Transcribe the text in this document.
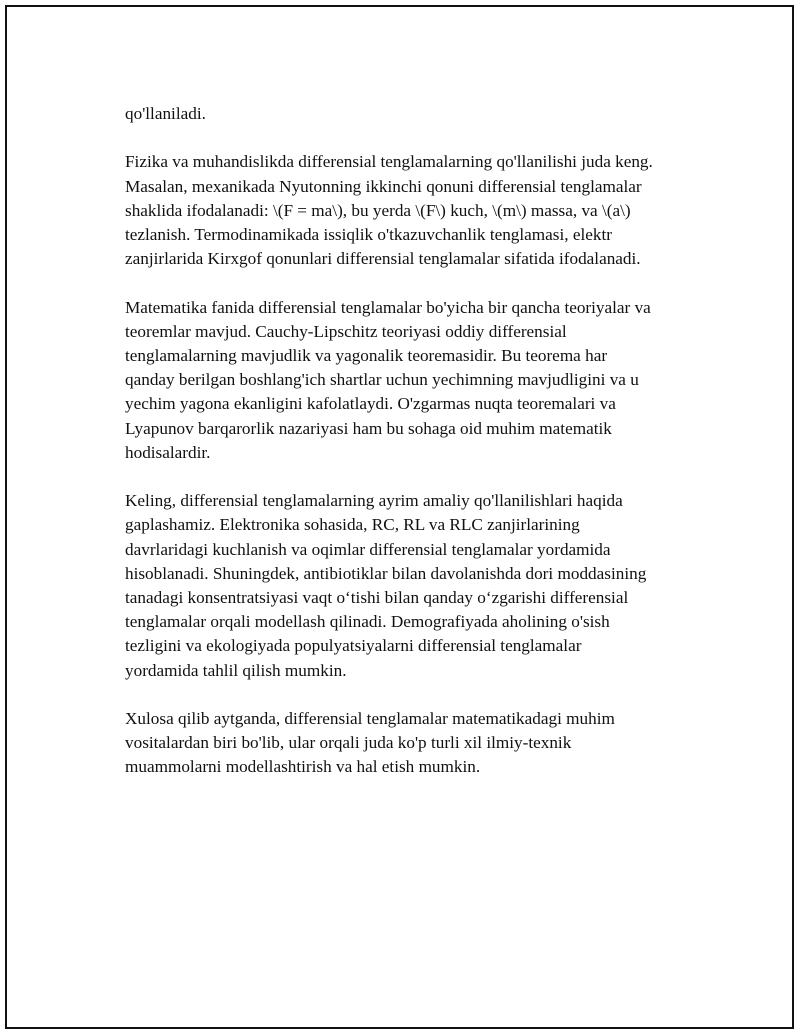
qo'llaniladi.

Fizika va muhandislikda differensial tenglamalarning qo'llanilishi juda keng.
Masalan, mexanikada Nyutonning ikkinchi qonuni differensial tenglamalar
shaklida ifodalanadi: \(F = ma\), bu yerda \(F\) kuch, \(m\) massa, va \(a\)
tezlanish. Termodinamikada issiqlik o'tkazuvchanlik tenglamasi, elektr
zanjirlarida Kirxgof qonunlari differensial tenglamalar sifatida ifodalanadi.

Matematika fanida differensial tenglamalar bo'yicha bir qancha teoriyalar va
teoremlar mavjud. Cauchy-Lipschitz teoriyasi oddiy differensial
tenglamalarning mavjudlik va yagonalik teoremasidir. Bu teorema har
qanday berilgan boshlang'ich shartlar uchun yechimning mavjudligini va u
yechim yagona ekanligini kafolatlaydi. O'zgarmas nuqta teoremalari va
Lyapunov barqarorlik nazariyasi ham bu sohaga oid muhim matematik
hodisalardir.

Keling, differensial tenglamalarning ayrim amaliy qo'llanilishlari haqida
gaplashamiz. Elektronika sohasida, RC, RL va RLC zanjirlarining
davrlaridagi kuchlanish va oqimlar differensial tenglamalar yordamida
hisoblanadi. Shuningdek, antibiotiklar bilan davolanishda dori moddasining
tanadagi konsentratsiyasi vaqt o‘tishi bilan qanday o‘zgarishi differensial
tenglamalar orqali modellash qilinadi. Demografiyada aholining o'sish
tezligini va ekologiyada populyatsiyalarni differensial tenglamalar
yordamida tahlil qilish mumkin.

Xulosa qilib aytganda, differensial tenglamalar matematikadagi muhim
vositalardan biri bo'lib, ular orqali juda ko'p turli xil ilmiy-texnik
muammolarni modellashtirish va hal etish mumkin.
